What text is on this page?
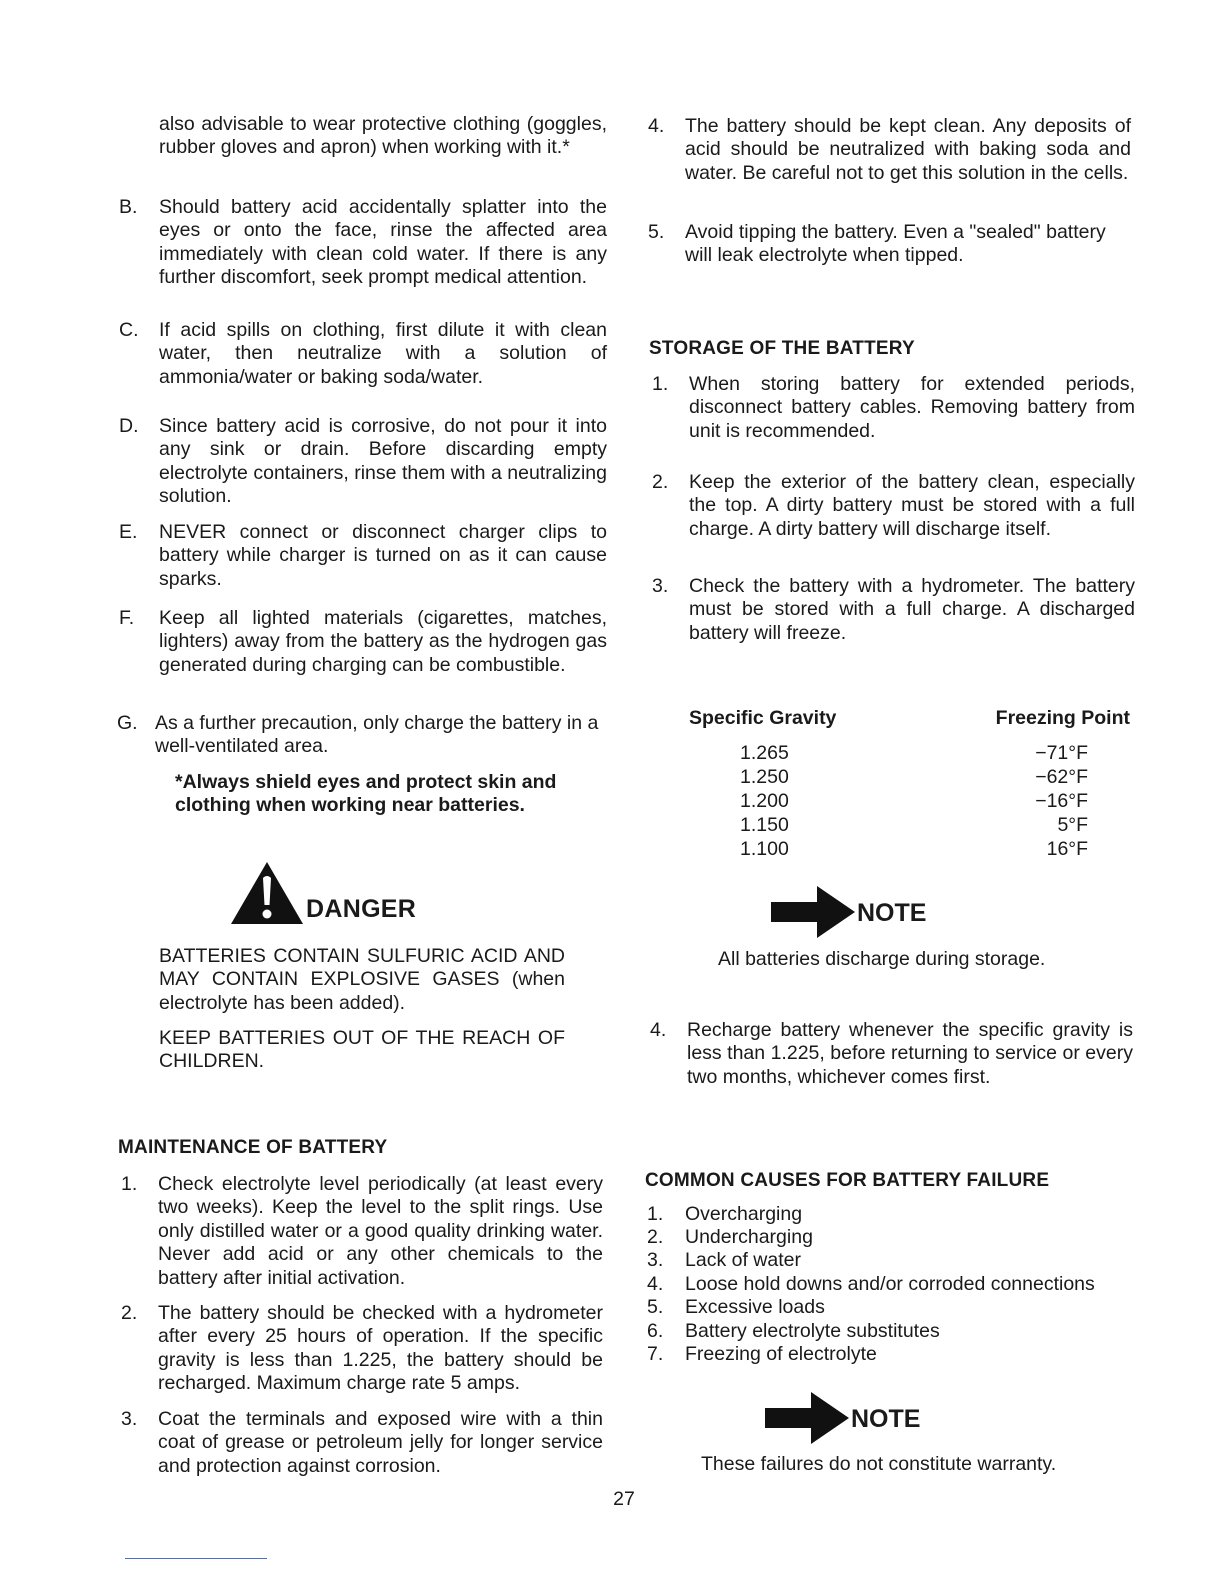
also advisable to wear protective clothing (goggles, rubber gloves and apron) when working with it.*
B. Should battery acid accidentally splatter into the eyes or onto the face, rinse the affected area immediately with clean cold water. If there is any further discomfort, seek prompt medical attention.
C. If acid spills on clothing, first dilute it with clean water, then neutralize with a solution of ammonia/water or baking soda/water.
D. Since battery acid is corrosive, do not pour it into any sink or drain. Before discarding empty electrolyte containers, rinse them with a neutralizing solution.
E. NEVER connect or disconnect charger clips to battery while charger is turned on as it can cause sparks.
F. Keep all lighted materials (cigarettes, matches, lighters) away from the battery as the hydrogen gas generated during charging can be combustible.
G. As a further precaution, only charge the battery in a well-ventilated area.
*Always shield eyes and protect skin and clothing when working near batteries.
DANGER
BATTERIES CONTAIN SULFURIC ACID AND MAY CONTAIN EXPLOSIVE GASES (when electrolyte has been added).
KEEP BATTERIES OUT OF THE REACH OF CHILDREN.
MAINTENANCE OF BATTERY
1. Check electrolyte level periodically (at least every two weeks). Keep the level to the split rings. Use only distilled water or a good quality drinking water. Never add acid or any other chemicals to the battery after initial activation.
2. The battery should be checked with a hydrometer after every 25 hours of operation. If the specific gravity is less than 1.225, the battery should be recharged. Maximum charge rate 5 amps.
3. Coat the terminals and exposed wire with a thin coat of grease or petroleum jelly for longer service and protection against corrosion.
4. The battery should be kept clean. Any deposits of acid should be neutralized with baking soda and water. Be careful not to get this solution in the cells.
5. Avoid tipping the battery. Even a "sealed" battery will leak electrolyte when tipped.
STORAGE OF THE BATTERY
1. When storing battery for extended periods, disconnect battery cables. Removing battery from unit is recommended.
2. Keep the exterior of the battery clean, especially the top. A dirty battery must be stored with a full charge. A dirty battery will discharge itself.
3. Check the battery with a hydrometer. The battery must be stored with a full charge. A discharged battery will freeze.
Specific Gravity	Freezing Point
1.265	−71°F
1.250	−62°F
1.200	−16°F
1.150	5°F
1.100	16°F
NOTE
All batteries discharge during storage.
4. Recharge battery whenever the specific gravity is less than 1.225, before returning to service or every two months, whichever comes first.
COMMON CAUSES FOR BATTERY FAILURE
1. Overcharging
2. Undercharging
3. Lack of water
4. Loose hold downs and/or corroded connections
5. Excessive loads
6. Battery electrolyte substitutes
7. Freezing of electrolyte
NOTE
These failures do not constitute warranty.
27
